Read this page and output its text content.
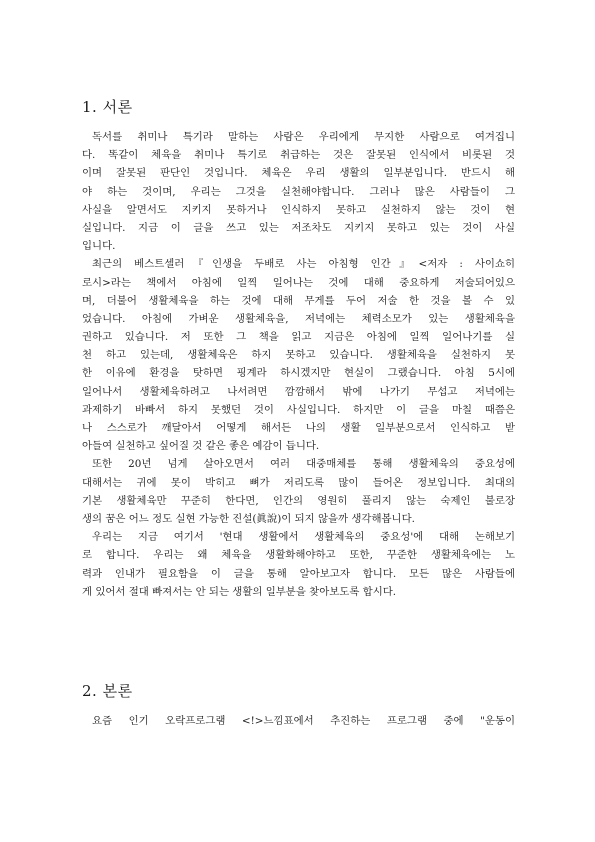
1. 서론
독서를 취미나 특기라 말하는 사람은 우리에게 무지한 사람으로 여겨집니
다. 똑같이 체육을 취미나 특기로 취급하는 것은 잘못된 인식에서 비롯된 것
이며 잘못된 판단인 것입니다. 체육은 우리 생활의 일부분입니다. 반드시 해
야 하는 것이며, 우리는 그것을 실천해야합니다. 그러나 많은 사람들이 그
사실을 알면서도 지키지 못하거나 인식하지 못하고 실천하지 않는 것이 현
실입니다. 지금 이 글을 쓰고 있는 저조차도 지키지 못하고 있는 것이 사실
입니다.
최근의 베스트셀러『인생을 두배로 사는 아침형 인간』<저자 : 사이쇼히
로시>라는 책에서 아침에 일찍 일어나는 것에 대해 중요하게 저술되어있으
며, 더불어 생활체육을 하는 것에 대해 무게를 두어 저술 한 것을 볼 수 있
었습니다. 아침에 가벼운 생활체육을, 저녁에는 체력소모가 있는 생활체육을
권하고 있습니다. 저 또한 그 책을 읽고 지금은 아침에 일찍 일어나기를 실
천 하고 있는데, 생활체육은 하지 못하고 있습니다. 생활체육을 실천하지 못
한 이유에 환경을 탓하면 핑계라 하시겠지만 현실이 그랬습니다. 아침 5시에
일어나서 생활체육하려고 나서려면 깜깜해서 밖에 나가기 무섭고 저녁에는
과제하기 바빠서 하지 못했던 것이 사실입니다. 하지만 이 글을 마칠 때쯤은
나 스스로가 깨달아서 어떻게 해서든 나의 생활 일부분으로서 인식하고 받
아들여 실천하고 싶어질 것 같은 좋은 예감이 듭니다.
또한 20년 넘게 살아오면서 여러 대중매체를 통해 생활체육의 중요성에
대해서는 귀에 못이 박히고 뼈가 저리도록 많이 들어온 정보입니다. 최대의
기본 생활체육만 꾸준히 한다면, 인간의 영원히 풀리지 않는 숙제인 불로장
생의 꿈은 어느 정도 실현 가능한 진설(眞說)이 되지 않을까 생각해봅니다.
우리는 지금 여기서 '현대 생활에서 생활체육의 중요성'에 대해 논해보기
로 합니다. 우리는 왜 체육을 생활화해야하고 또한, 꾸준한 생활체육에는 노
력과 인내가 필요함을 이 글을 통해 알아보고자 합니다. 모든 많은 사람들에
게 있어서 절대 빠져서는 안 되는 생활의 일부분을 찾아보도록 합시다.
2. 본론
요즘 인기 오락프로그램 <!>느낌표에서 추진하는 프로그램 중에 "운동이
